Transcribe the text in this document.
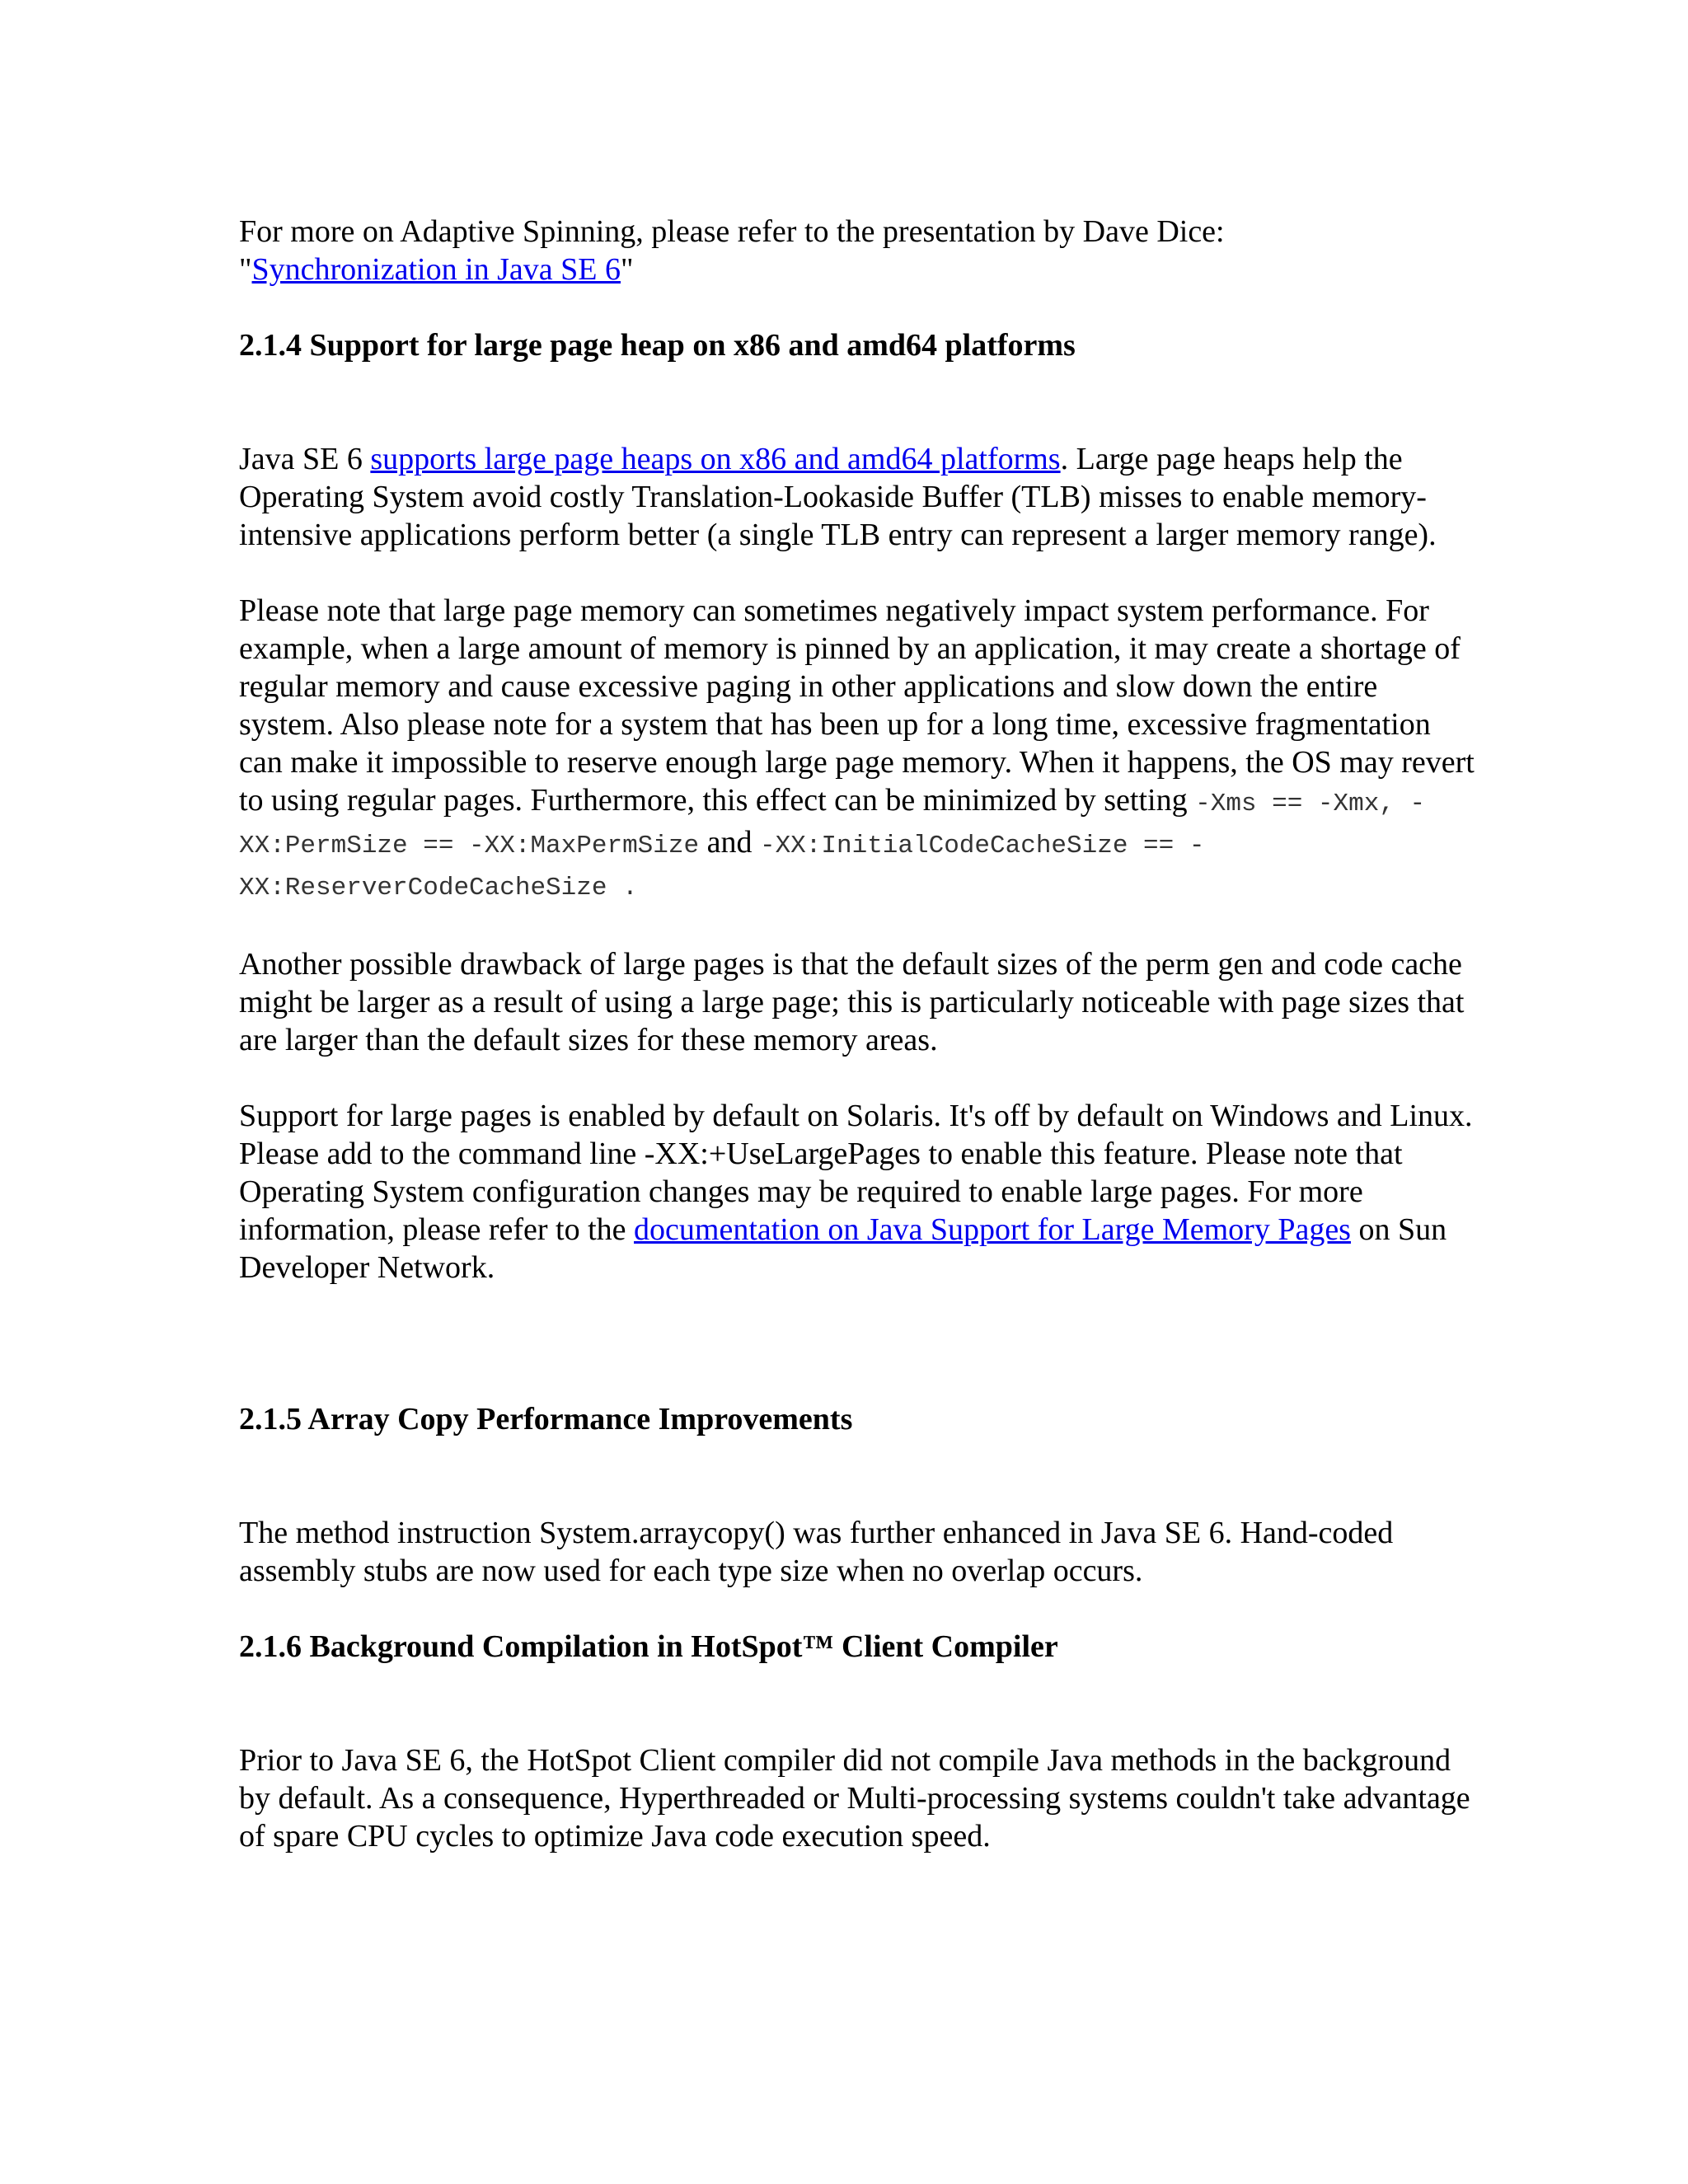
For more on Adaptive Spinning, please refer to the presentation by Dave Dice:
"Synchronization in Java SE 6"

2.1.4 Support for large page heap on x86 and amd64 platforms

Java SE 6 supports large page heaps on x86 and amd64 platforms. Large page heaps help the Operating System avoid costly Translation-Lookaside Buffer (TLB) misses to enable memory-intensive applications perform better (a single TLB entry can represent a larger memory range).

Please note that large page memory can sometimes negatively impact system performance. For example, when a large amount of memory is pinned by an application, it may create a shortage of regular memory and cause excessive paging in other applications and slow down the entire system. Also please note for a system that has been up for a long time, excessive fragmentation can make it impossible to reserve enough large page memory. When it happens, the OS may revert to using regular pages. Furthermore, this effect can be minimized by setting -Xms == -Xmx, -XX:PermSize == -XX:MaxPermSize and -XX:InitialCodeCacheSize == -XX:ReserverCodeCacheSize .

Another possible drawback of large pages is that the default sizes of the perm gen and code cache might be larger as a result of using a large page; this is particularly noticeable with page sizes that are larger than the default sizes for these memory areas.

Support for large pages is enabled by default on Solaris. It's off by default on Windows and Linux. Please add to the command line -XX:+UseLargePages to enable this feature. Please note that Operating System configuration changes may be required to enable large pages. For more information, please refer to the documentation on Java Support for Large Memory Pages on Sun Developer Network.

2.1.5 Array Copy Performance Improvements

The method instruction System.arraycopy() was further enhanced in Java SE 6. Hand-coded assembly stubs are now used for each type size when no overlap occurs.

2.1.6 Background Compilation in HotSpot™ Client Compiler

Prior to Java SE 6, the HotSpot Client compiler did not compile Java methods in the background by default. As a consequence, Hyperthreaded or Multi-processing systems couldn't take advantage of spare CPU cycles to optimize Java code execution speed.
